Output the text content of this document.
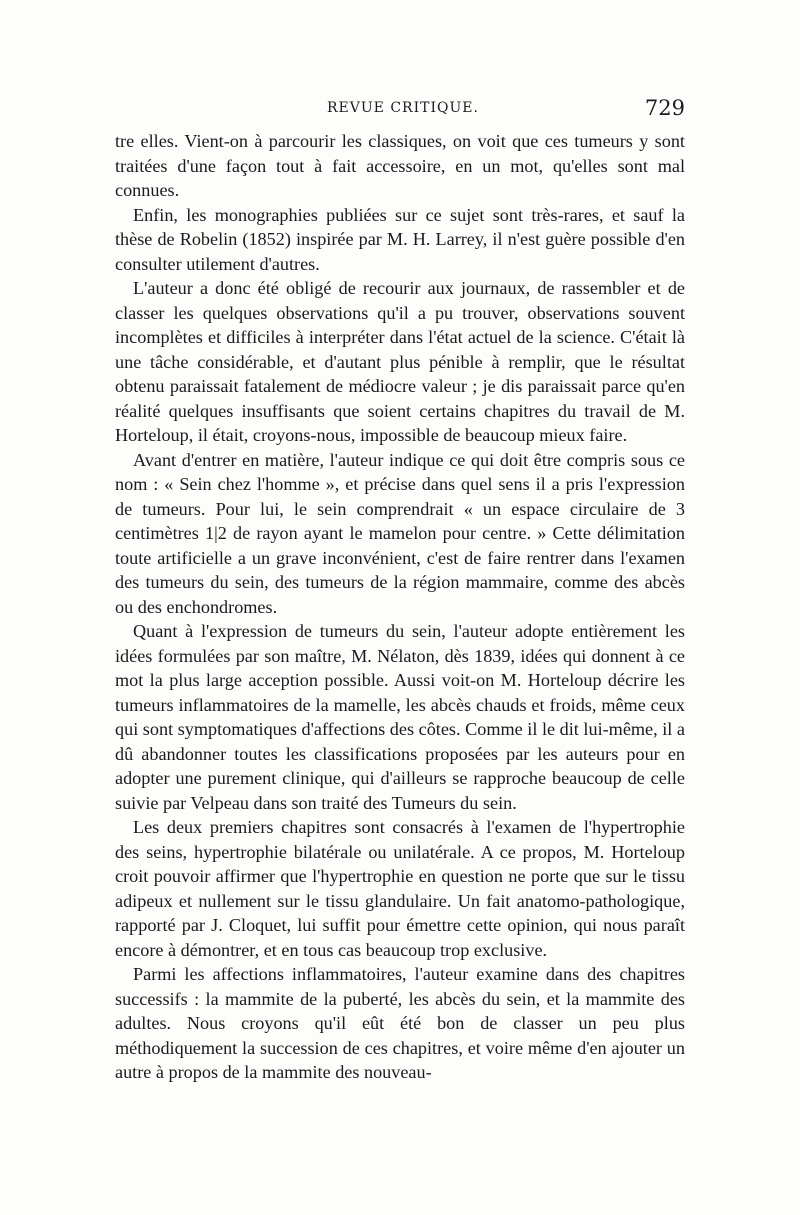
REVUE CRITIQUE.	729

tre elles. Vient-on à parcourir les classiques, on voit que ces tumeurs y sont traitées d'une façon tout à fait accessoire, en un mot, qu'elles sont mal connues.

Enfin, les monographies publiées sur ce sujet sont très-rares, et sauf la thèse de Robelin (1852) inspirée par M. H. Larrey, il n'est guère possible d'en consulter utilement d'autres.

L'auteur a donc été obligé de recourir aux journaux, de rassembler et de classer les quelques observations qu'il a pu trouver, observations souvent incomplètes et difficiles à interpréter dans l'état actuel de la science. C'était là une tâche considérable, et d'autant plus pénible à remplir, que le résultat obtenu paraissait fatalement de médiocre valeur ; je dis paraissait parce qu'en réalité quelques insuffisants que soient certains chapitres du travail de M. Horteloup, il était, croyons-nous, impossible de beaucoup mieux faire.

Avant d'entrer en matière, l'auteur indique ce qui doit être compris sous ce nom : « Sein chez l'homme », et précise dans quel sens il a pris l'expression de tumeurs. Pour lui, le sein comprendrait « un espace circulaire de 3 centimètres 1|2 de rayon ayant le mamelon pour centre. » Cette délimitation toute artificielle a un grave inconvénient, c'est de faire rentrer dans l'examen des tumeurs du sein, des tumeurs de la région mammaire, comme des abcès ou des enchondromes.

Quant à l'expression de tumeurs du sein, l'auteur adopte entièrement les idées formulées par son maître, M. Nélaton, dès 1839, idées qui donnent à ce mot la plus large acception possible. Aussi voit-on M. Horteloup décrire les tumeurs inflammatoires de la mamelle, les abcès chauds et froids, même ceux qui sont symptomatiques d'affections des côtes. Comme il le dit lui-même, il a dû abandonner toutes les classifications proposées par les auteurs pour en adopter une purement clinique, qui d'ailleurs se rapproche beaucoup de celle suivie par Velpeau dans son traité des Tumeurs du sein.

Les deux premiers chapitres sont consacrés à l'examen de l'hypertrophie des seins, hypertrophie bilatérale ou unilatérale. A ce propos, M. Horteloup croit pouvoir affirmer que l'hypertrophie en question ne porte que sur le tissu adipeux et nullement sur le tissu glandulaire. Un fait anatomo-pathologique, rapporté par J. Cloquet, lui suffit pour émettre cette opinion, qui nous paraît encore à démontrer, et en tous cas beaucoup trop exclusive.

Parmi les affections inflammatoires, l'auteur examine dans des chapitres successifs : la mammite de la puberté, les abcès du sein, et la mammite des adultes. Nous croyons qu'il eût été bon de classer un peu plus méthodiquement la succession de ces chapitres, et voire même d'en ajouter un autre à propos de la mammite des nouveau-
